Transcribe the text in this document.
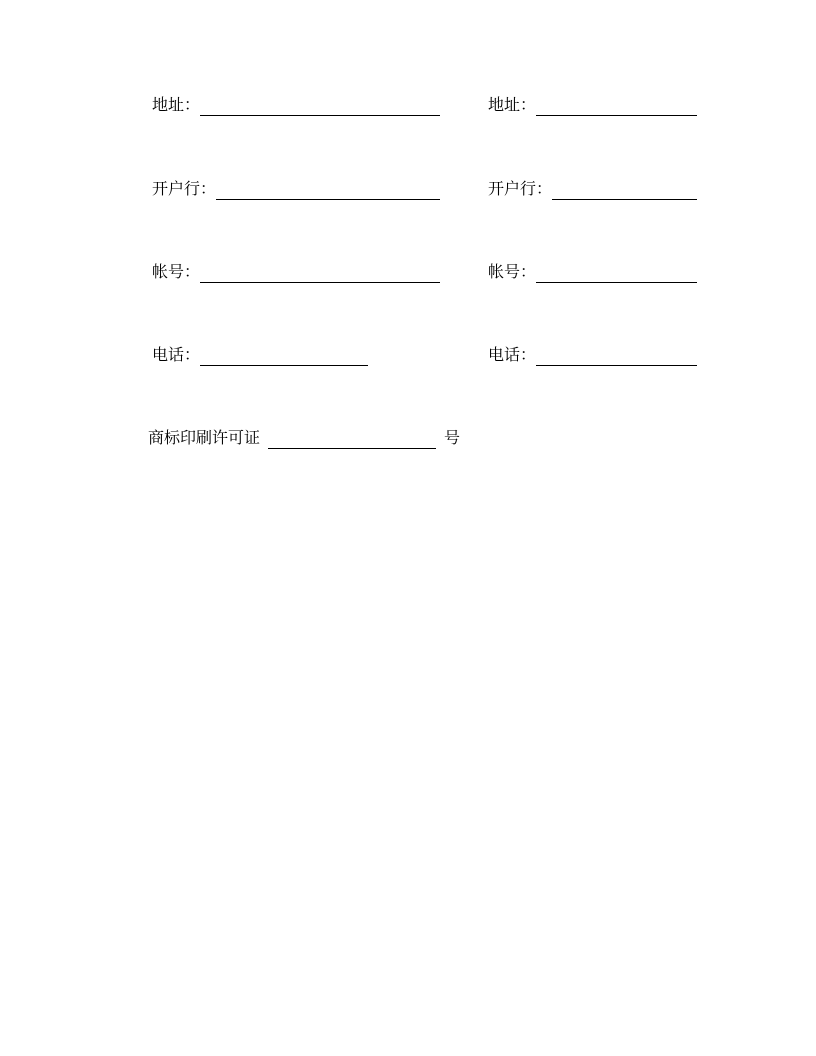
地址：	地址：
开户行：	开户行：
帐号：	帐号：
电话：	电话：
商标印刷许可证	号
